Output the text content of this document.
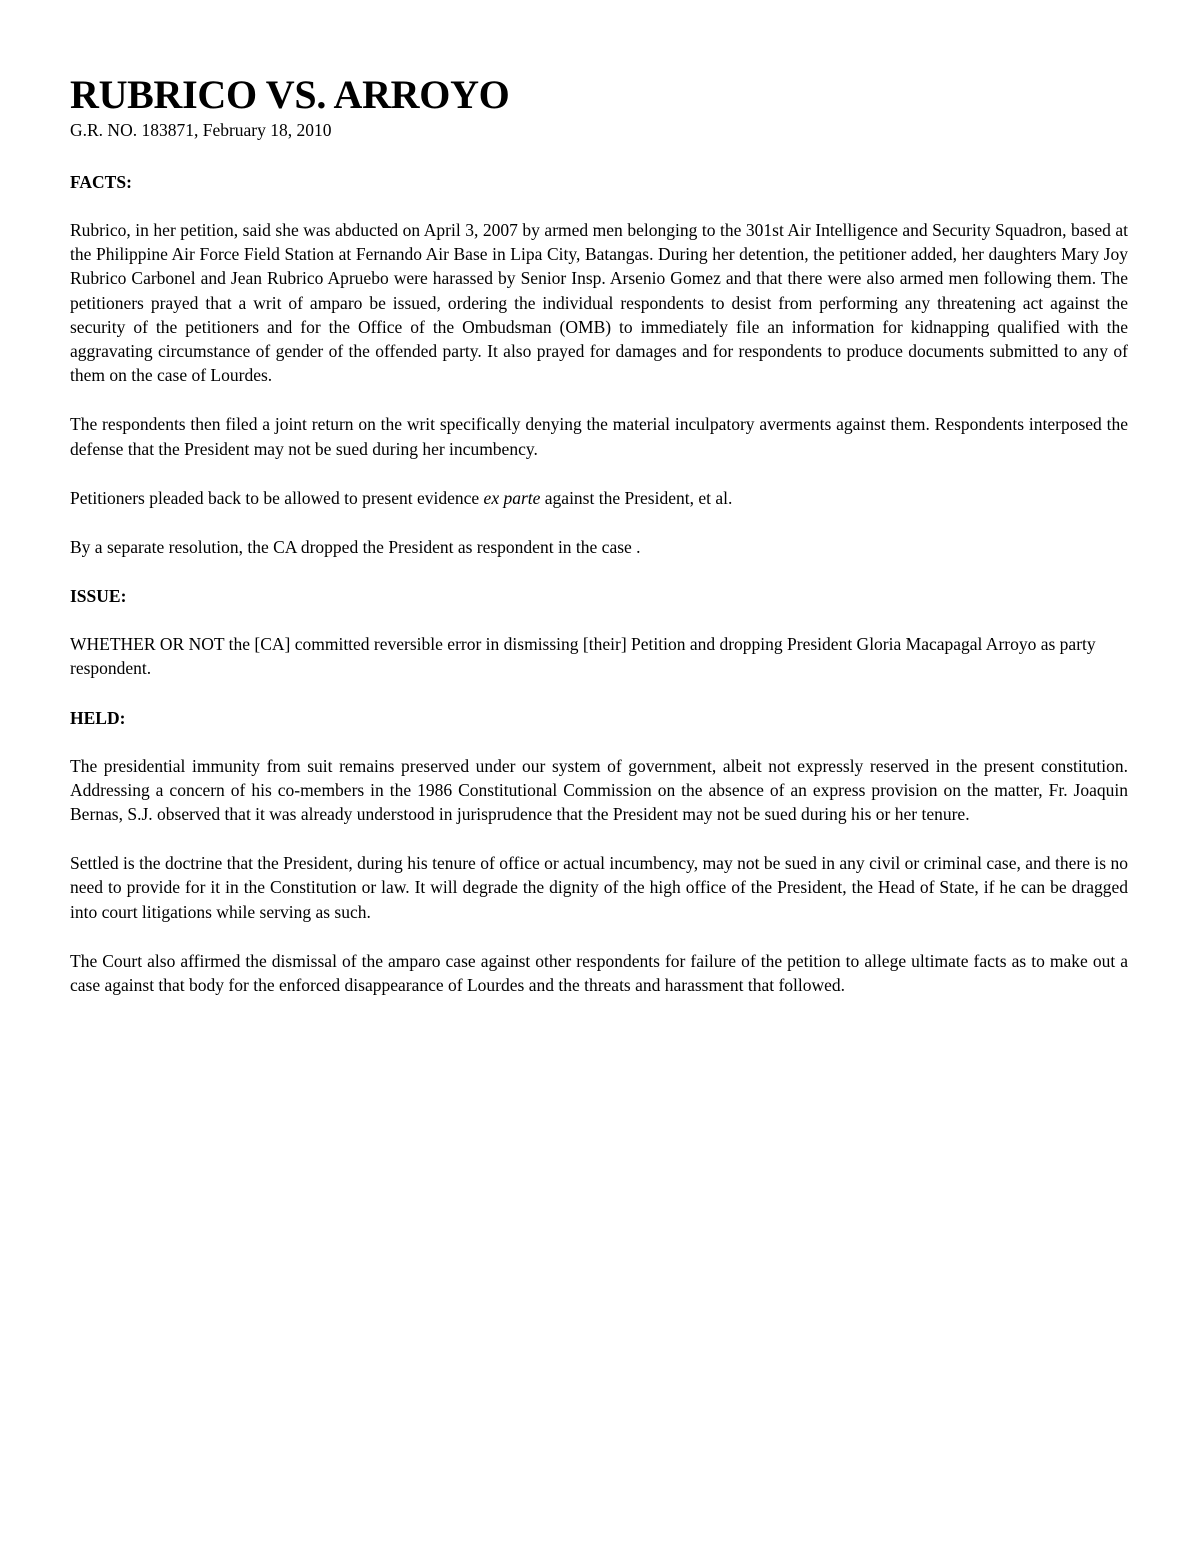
RUBRICO VS. ARROYO

G.R. NO. 183871, February 18, 2010

FACTS:

Rubrico, in her petition, said she was abducted on April 3, 2007 by armed men belonging to the 301st Air Intelligence and Security Squadron, based at the Philippine Air Force Field Station at Fernando Air Base in Lipa City, Batangas. During her detention, the petitioner added, her daughters Mary Joy Rubrico Carbonel and Jean Rubrico Apruebo were harassed by Senior Insp. Arsenio Gomez and that there were also armed men following them. The petitioners prayed that a writ of amparo be issued, ordering the individual respondents to desist from performing any threatening act against the security of the petitioners and for the Office of the Ombudsman (OMB) to immediately file an information for kidnapping qualified with the aggravating circumstance of gender of the offended party. It also prayed for damages and for respondents to produce documents submitted to any of them on the case of Lourdes.

The respondents then filed a joint return on the writ specifically denying the material inculpatory averments against them. Respondents interposed the defense that the President may not be sued during her incumbency.

Petitioners pleaded back to be allowed to present evidence ex parte against the President, et al.

By a separate resolution, the CA dropped the President as respondent in the case .

ISSUE:

WHETHER OR NOT the [CA] committed reversible error in dismissing [their] Petition and dropping President Gloria Macapagal Arroyo as party respondent.

HELD:

The presidential immunity from suit remains preserved under our system of government, albeit not expressly reserved in the present constitution. Addressing a concern of his co-members in the 1986 Constitutional Commission on the absence of an express provision on the matter, Fr. Joaquin Bernas, S.J. observed that it was already understood in jurisprudence that the President may not be sued during his or her tenure.

Settled is the doctrine that the President, during his tenure of office or actual incumbency, may not be sued in any civil or criminal case, and there is no need to provide for it in the Constitution or law. It will degrade the dignity of the high office of the President, the Head of State, if he can be dragged into court litigations while serving as such.

The Court also affirmed the dismissal of the amparo case against other respondents for failure of the petition to allege ultimate facts as to make out a case against that body for the enforced disappearance of Lourdes and the threats and harassment that followed.
